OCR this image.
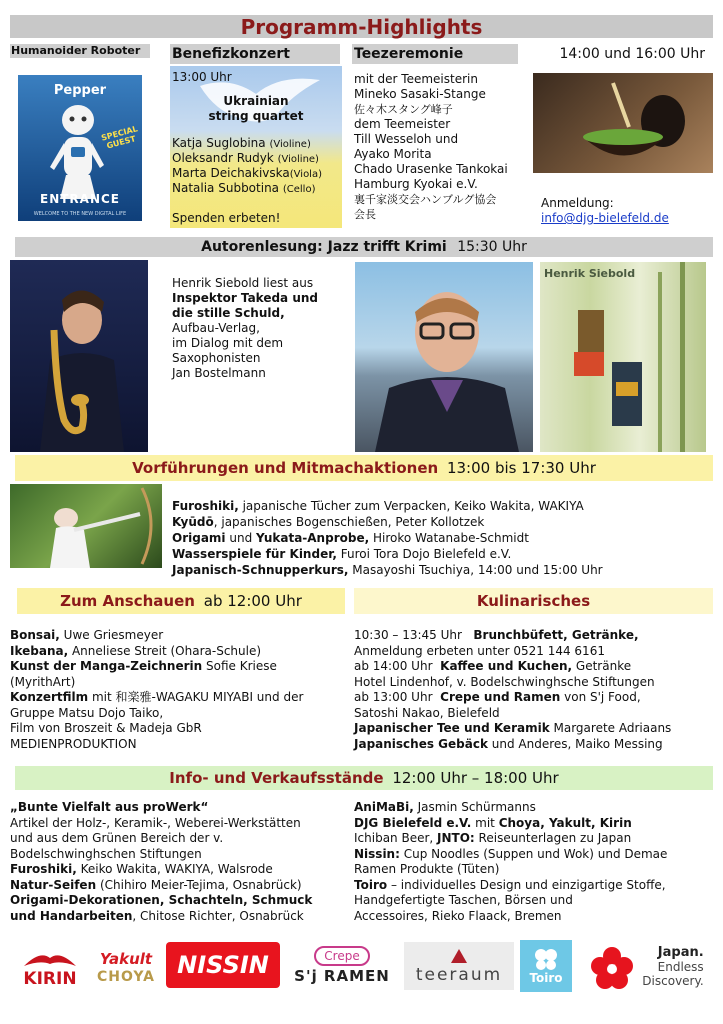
Programm-Highlights
Humanoider Roboter
Pepper
SPECIAL GUEST
ENTRANCE
WELCOME TO THE NEW DIGITAL LIFE
Benefizkonzert
13:00 Uhr
Ukrainian
string quartet
Katja Suglobina (Violine)
Oleksandr Rudyk (Violine)
Marta Deichakivska(Viola)
Natalia Subbotina (Cello)
Spenden erbeten!
Teezeremonie	14:00 und 16:00 Uhr
mit der Teemeisterin
Mineko Sasaki-Stange
佐々木スタング峰子
dem Teemeister
Till Wesseloh und
Ayako Morita
Chado Urasenke Tankokai
Hamburg Kyokai e.V.
裏千家淡交会ハンブルグ協会
会長
Anmeldung:
info@djg-bielefeld.de
Autorenlesung: Jazz trifft Krimi 15:30 Uhr
Henrik Siebold liest aus
Inspektor Takeda und
die stille Schuld,
Aufbau-Verlag,
im Dialog mit dem
Saxophonisten
Jan Bostelmann
Henrik Siebold
Vorführungen und Mitmachaktionen 13:00 bis 17:30 Uhr
Furoshiki, japanische Tücher zum Verpacken, Keiko Wakita, WAKIYA
Kyūdō, japanisches Bogenschießen, Peter Kollotzek
Origami und Yukata-Anprobe, Hiroko Watanabe-Schmidt
Wasserspiele für Kinder, Furoi Tora Dojo Bielefeld e.V.
Japanisch-Schnupperkurs, Masayoshi Tsuchiya, 14:00 und 15:00 Uhr
Zum Anschauen ab 12:00 Uhr	Kulinarisches
Bonsai, Uwe Griesmeyer
Ikebana, Anneliese Streit (Ohara-Schule)
Kunst der Manga-Zeichnerin Sofie Kriese
(MyrithArt)
Konzertfilm mit 和楽雅-WAGAKU MIYABI und der
Gruppe Matsu Dojo Taiko,
Film von Broszeit & Madeja GbR
MEDIENPRODUKTION
10:30 – 13:45 Uhr Brunchbüfett, Getränke,
Anmeldung erbeten unter 0521 144 6161
ab 14:00 Uhr Kaffee und Kuchen, Getränke
Hotel Lindenhof, v. Bodelschwinghsche Stiftungen
ab 13:00 Uhr Crepe und Ramen von S'j Food,
Satoshi Nakao, Bielefeld
Japanischer Tee und Keramik Margarete Adriaans
Japanisches Gebäck und Anderes, Maiko Messing
Info- und Verkaufsstände 12:00 Uhr – 18:00 Uhr
„Bunte Vielfalt aus proWerk“
Artikel der Holz-, Keramik-, Weberei-Werkstätten
und aus dem Grünen Bereich der v.
Bodelschwinghschen Stiftungen
Furoshiki, Keiko Wakita, WAKIYA, Walsrode
Natur-Seifen (Chihiro Meier-Tejima, Osnabrück)
Origami-Dekorationen, Schachteln, Schmuck
und Handarbeiten, Chitose Richter, Osnabrück
AniMaBi, Jasmin Schürmanns
DJG Bielefeld e.V. mit Choya, Yakult, Kirin
Ichiban Beer, JNTO: Reiseunterlagen zu Japan
Nissin: Cup Noodles (Suppen und Wok) und Demae
Ramen Produkte (Tüten)
Toiro – individuelles Design und einzigartige Stoffe,
Handgefertigte Taschen, Börsen und
Accessoires, Rieko Flaack, Bremen
KIRIN
Yakult
CHOYA NISSIN	Crepe
S'j RAMEN teeraum Toiro
Japan.
Endless
Discovery.
